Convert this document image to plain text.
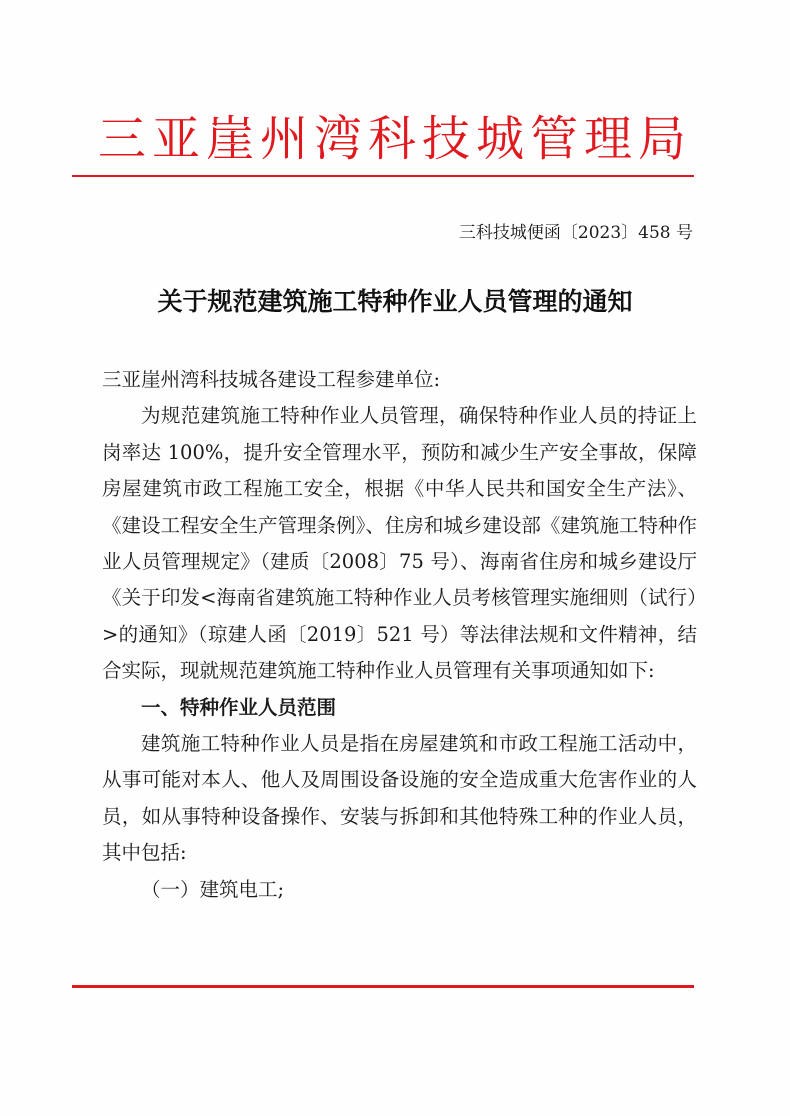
三亚崖州湾科技城管理局
三科技城便函〔2023〕458 号
关于规范建筑施工特种作业人员管理的通知

三亚崖州湾科技城各建设工程参建单位:

为规范建筑施工特种作业人员管理，确保特种作业人员的持证上岗率达 100%，提升安全管理水平，预防和减少生产安全事故，保障房屋建筑市政工程施工安全，根据《中华人民共和国安全生产法》、《建设工程安全生产管理条例》、住房和城乡建设部《建筑施工特种作业人员管理规定》（建质〔2008〕75 号）、海南省住房和城乡建设厅《关于印发<海南省建筑施工特种作业人员考核管理实施细则（试行）>的通知》（琼建人函〔2019〕521 号）等法律法规和文件精神，结合实际，现就规范建筑施工特种作业人员管理有关事项通知如下:

一、特种作业人员范围

建筑施工特种作业人员是指在房屋建筑和市政工程施工活动中，从事可能对本人、他人及周围设备设施的安全造成重大危害作业的人员，如从事特种设备操作、安装与拆卸和其他特殊工种的作业人员，其中包括:

（一）建筑电工;
